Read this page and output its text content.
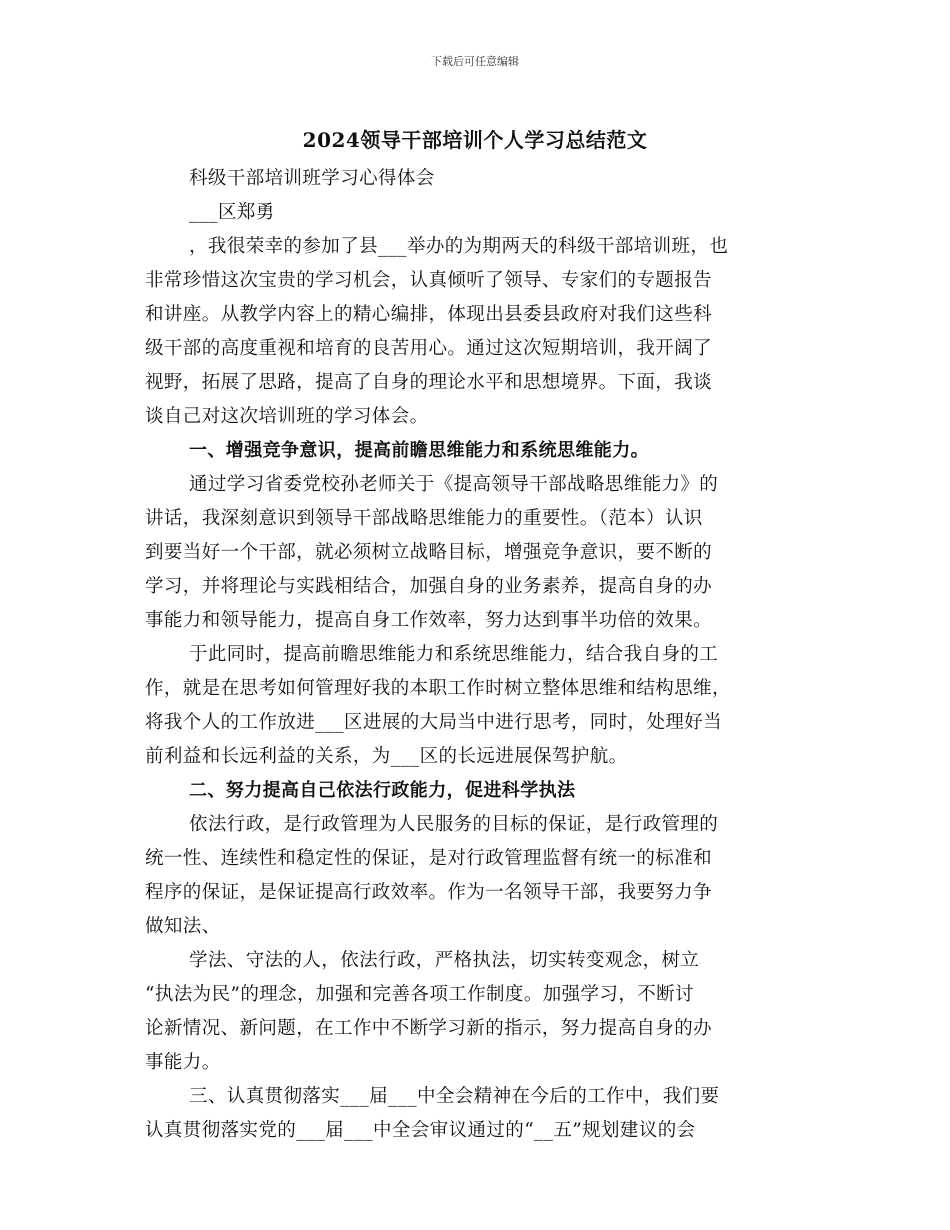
下载后可任意编辑
2024领导干部培训个人学习总结范文
科级干部培训班学习心得体会
___区郑勇
，我很荣幸的参加了县___举办的为期两天的科级干部培训班，也
非常珍惜这次宝贵的学习机会，认真倾听了领导、专家们的专题报告
和讲座。从教学内容上的精心编排，体现出县委县政府对我们这些科
级干部的高度重视和培育的良苦用心。通过这次短期培训，我开阔了
视野，拓展了思路，提高了自身的理论水平和思想境界。下面，我谈
谈自己对这次培训班的学习体会。
一、增强竞争意识，提高前瞻思维能力和系统思维能力。
通过学习省委党校孙老师关于《提高领导干部战略思维能力》的
讲话，我深刻意识到领导干部战略思维能力的重要性。（范本）认识
到要当好一个干部，就必须树立战略目标，增强竞争意识，要不断的
学习，并将理论与实践相结合，加强自身的业务素养，提高自身的办
事能力和领导能力，提高自身工作效率，努力达到事半功倍的效果。
于此同时，提高前瞻思维能力和系统思维能力，结合我自身的工
作，就是在思考如何管理好我的本职工作时树立整体思维和结构思维，
将我个人的工作放进___区进展的大局当中进行思考，同时，处理好当
前利益和长远利益的关系，为___区的长远进展保驾护航。
二、努力提高自己依法行政能力，促进科学执法
依法行政，是行政管理为人民服务的目标的保证，是行政管理的
统一性、连续性和稳定性的保证，是对行政管理监督有统一的标准和
程序的保证，是保证提高行政效率。作为一名领导干部，我要努力争
做知法、
学法、守法的人，依法行政，严格执法，切实转变观念，树立
“执法为民”的理念，加强和完善各项工作制度。加强学习，不断讨
论新情况、新问题，在工作中不断学习新的指示，努力提高自身的办
事能力。
三、认真贯彻落实___届___中全会精神在今后的工作中，我们要
认真贯彻落实党的___届___中全会审议通过的“__五”规划建议的会
